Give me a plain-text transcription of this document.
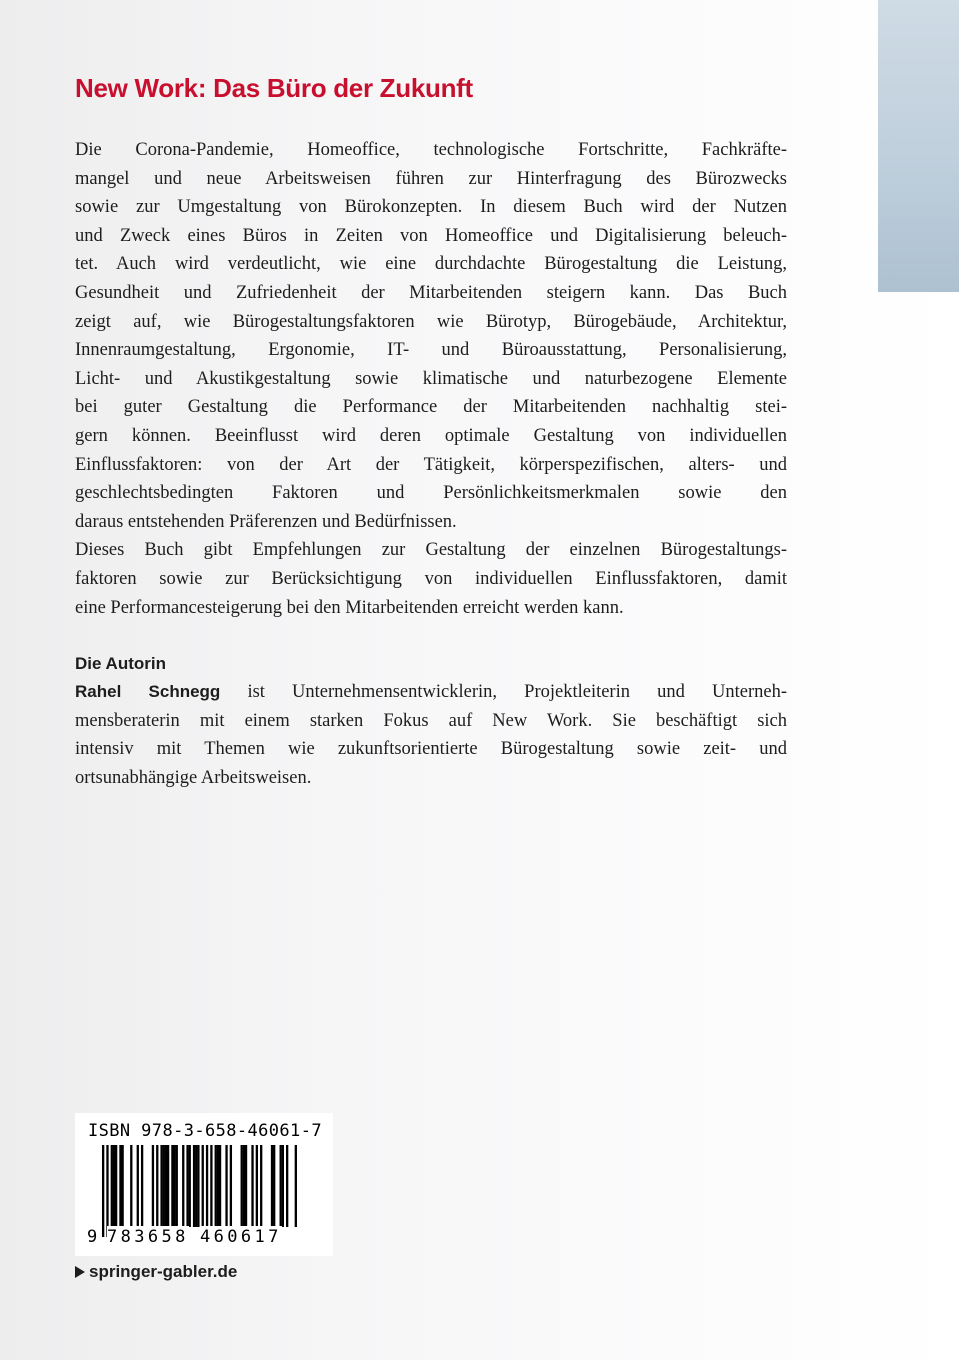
New Work: Das Büro der Zukunft
Die Corona-Pandemie, Homeoffice, technologische Fortschritte, Fachkräfte-
mangel und neue Arbeitsweisen führen zur Hinterfragung des Bürozwecks
sowie zur Umgestaltung von Bürokonzepten. In diesem Buch wird der Nutzen
und Zweck eines Büros in Zeiten von Homeoffice und Digitalisierung beleuch-
tet. Auch wird verdeutlicht, wie eine durchdachte Bürogestaltung die Leistung,
Gesundheit und Zufriedenheit der Mitarbeitenden steigern kann. Das Buch
zeigt auf, wie Bürogestaltungsfaktoren wie Bürotyp, Bürogebäude, Architektur,
Innenraumgestaltung, Ergonomie, IT- und Büroausstattung, Personalisierung,
Licht- und Akustikgestaltung sowie klimatische und naturbezogene Elemente
bei guter Gestaltung die Performance der Mitarbeitenden nachhaltig stei-
gern können. Beeinflusst wird deren optimale Gestaltung von individuellen
Einflussfaktoren: von der Art der Tätigkeit, körperspezifischen, alters- und
geschlechtsbedingten Faktoren und Persönlichkeitsmerkmalen sowie den
daraus entstehenden Präferenzen und Bedürfnissen.
Dieses Buch gibt Empfehlungen zur Gestaltung der einzelnen Bürogestaltungs-
faktoren sowie zur Berücksichtigung von individuellen Einflussfaktoren, damit
eine Performancesteigerung bei den Mitarbeitenden erreicht werden kann.
Die Autorin
Rahel Schnegg ist Unternehmensentwicklerin, Projektleiterin und Unterneh-
mensberaterin mit einem starken Fokus auf New Work. Sie beschäftigt sich
intensiv mit Themen wie zukunftsorientierte Bürogestaltung sowie zeit- und
ortsunabhängige Arbeitsweisen.
ISBN 978-3-658-46061-7
9 783658 460617
springer-gabler.de
